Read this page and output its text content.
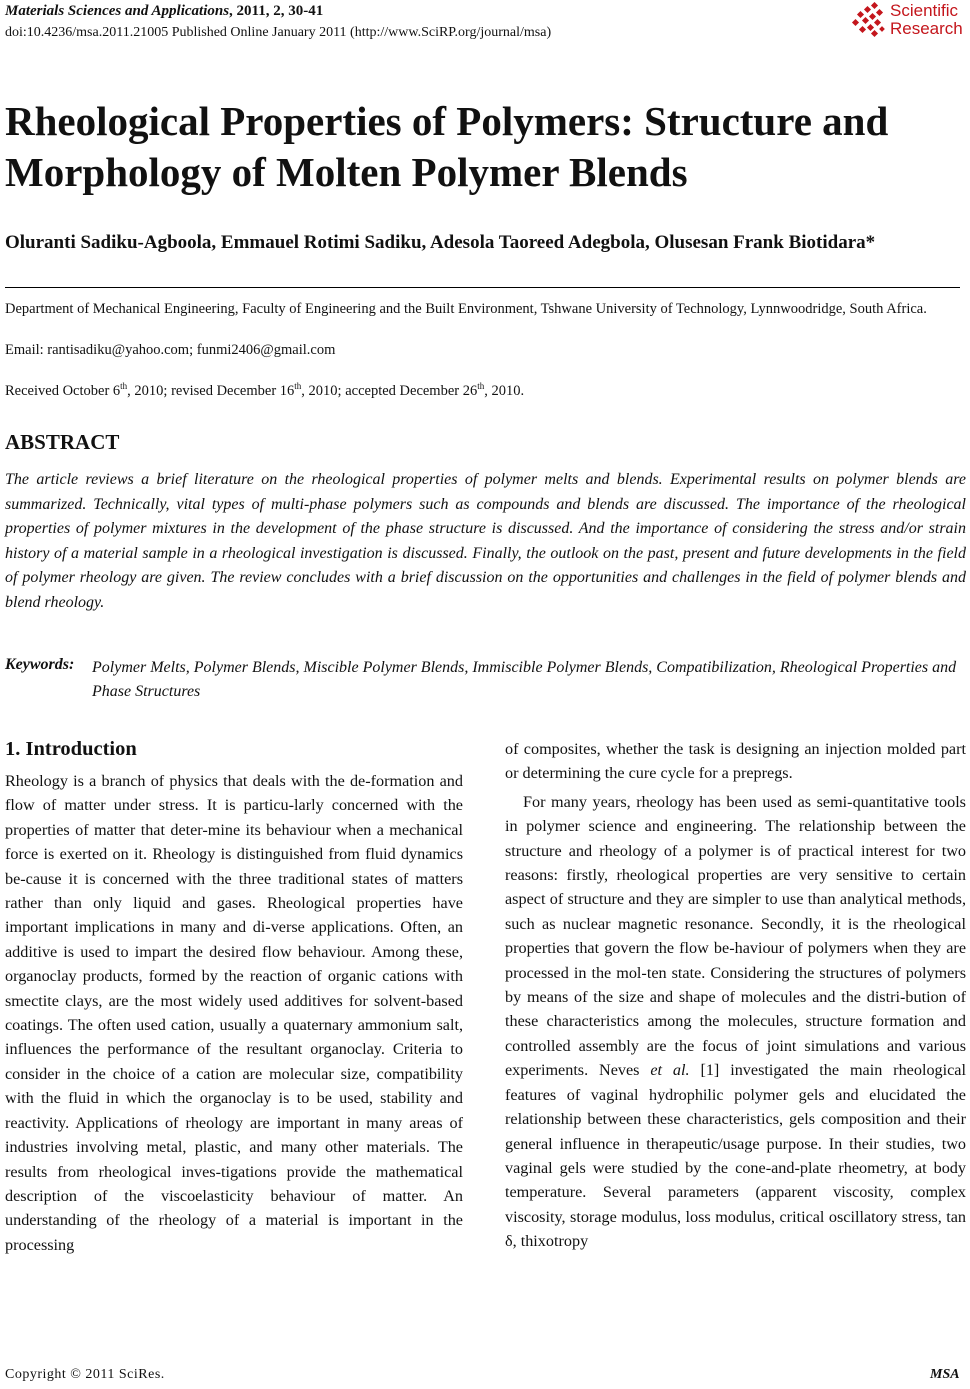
Materials Sciences and Applications, 2011, 2, 30-41
doi:10.4236/msa.2011.21005 Published Online January 2011 (http://www.SciRP.org/journal/msa)
Scientific
Research
Rheological Properties of Polymers: Structure and Morphology of Molten Polymer Blends
Oluranti Sadiku-Agboola, Emmauel Rotimi Sadiku, Adesola Taoreed Adegbola, Olusesan Frank Biotidara*
Department of Mechanical Engineering, Faculty of Engineering and the Built Environment, Tshwane University of Technology, Lynnwoodridge, South Africa.
Email: rantisadiku@yahoo.com; funmi2406@gmail.com
Received October 6th, 2010; revised December 16th, 2010; accepted December 26th, 2010.
ABSTRACT

The article reviews a brief literature on the rheological properties of polymer melts and blends. Experimental results on polymer blends are summarized. Technically, vital types of multi-phase polymers such as compounds and blends are discussed. The importance of the rheological properties of polymer mixtures in the development of the phase structure is discussed. And the importance of considering the stress and/or strain history of a material sample in a rheological investigation is discussed. Finally, the outlook on the past, present and future developments in the field of polymer rheology are given. The review concludes with a brief discussion on the opportunities and challenges in the field of polymer blends and blend rheology.

Keywords: Polymer Melts, Polymer Blends, Miscible Polymer Blends, Immiscible Polymer Blends, Compatibilization, Rheological Properties and Phase Structures
1. Introduction

Rheology is a branch of physics that deals with the de-formation and flow of matter under stress. It is particu-larly concerned with the properties of matter that deter-mine its behaviour when a mechanical force is exerted on it. Rheology is distinguished from fluid dynamics be-cause it is concerned with the three traditional states of matters rather than only liquid and gases. Rheological properties have important implications in many and di-verse applications. Often, an additive is used to impart the desired flow behaviour. Among these, organoclay products, formed by the reaction of organic cations with smectite clays, are the most widely used additives for solvent-based coatings. The often used cation, usually a quaternary ammonium salt, influences the performance of the resultant organoclay. Criteria to consider in the choice of a cation are molecular size, compatibility with the fluid in which the organoclay is to be used, stability and reactivity. Applications of rheology are important in many areas of industries involving metal, plastic, and many other materials. The results from rheological inves-tigations provide the mathematical description of the viscoelasticity behaviour of matter. An understanding of the rheology of a material is important in the processing

of composites, whether the task is designing an injection molded part or determining the cure cycle for a prepregs.

For many years, rheology has been used as semi-quantitative tools in polymer science and engineering. The relationship between the structure and rheology of a polymer is of practical interest for two reasons: firstly, rheological properties are very sensitive to certain aspect of structure and they are simpler to use than analytical methods, such as nuclear magnetic resonance. Secondly, it is the rheological properties that govern the flow be-haviour of polymers when they are processed in the mol-ten state. Considering the structures of polymers by means of the size and shape of molecules and the distri-bution of these characteristics among the molecules, structure formation and controlled assembly are the focus of joint simulations and various experiments. Neves et al. [1] investigated the main rheological features of vaginal hydrophilic polymer gels and elucidated the relationship between these characteristics, gels composition and their general influence in therapeutic/usage purpose. In their studies, two vaginal gels were studied by the cone-and-plate rheometry, at body temperature. Several parameters (apparent viscosity, complex viscosity, storage modulus, loss modulus, critical oscillatory stress, tan δ, thixotropy

Copyright © 2011 SciRes.	MSA
